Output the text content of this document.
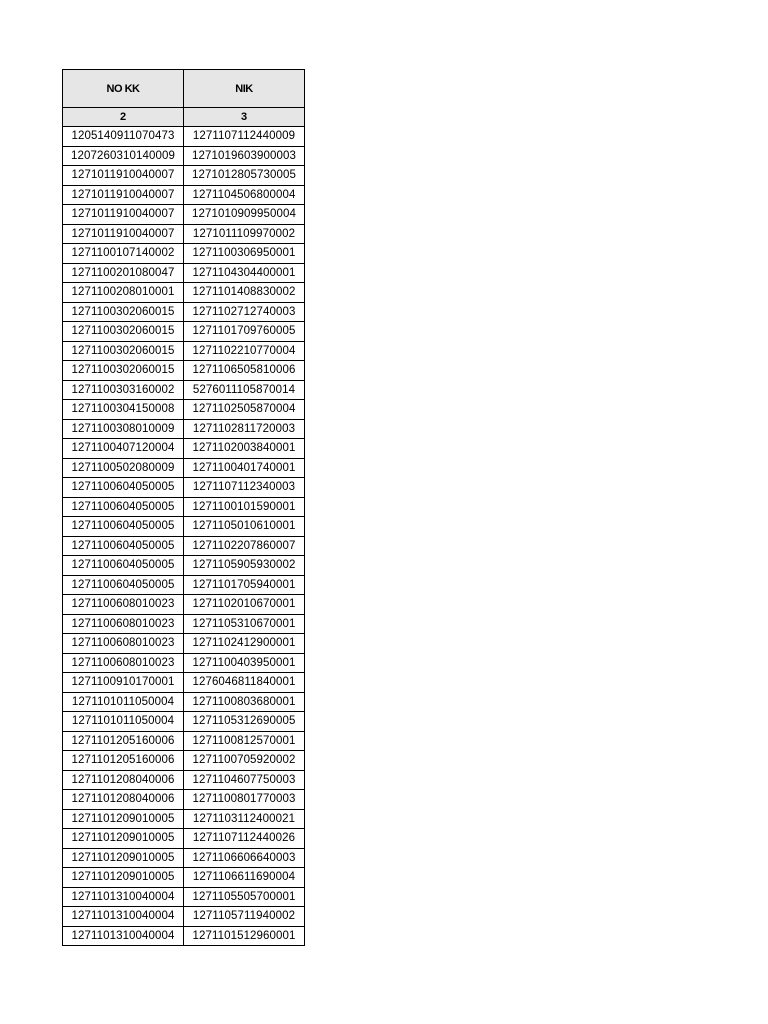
NO KK	NIK
2	3
1205140911070473	1271107112440009
1207260310140009	1271019603900003
1271011910040007	1271012805730005
1271011910040007	1271104506800004
1271011910040007	1271010909950004
1271011910040007	1271011109970002
1271100107140002	1271100306950001
1271100201080047	1271104304400001
1271100208010001	1271101408830002
1271100302060015	1271102712740003
1271100302060015	1271101709760005
1271100302060015	1271102210770004
1271100302060015	1271106505810006
1271100303160002	5276011105870014
1271100304150008	1271102505870004
1271100308010009	1271102811720003
1271100407120004	1271102003840001
1271100502080009	1271100401740001
1271100604050005	1271107112340003
1271100604050005	1271100101590001
1271100604050005	1271105010610001
1271100604050005	1271102207860007
1271100604050005	1271105905930002
1271100604050005	1271101705940001
1271100608010023	1271102010670001
1271100608010023	1271105310670001
1271100608010023	1271102412900001
1271100608010023	1271100403950001
1271100910170001	1276046811840001
1271101011050004	1271100803680001
1271101011050004	1271105312690005
1271101205160006	1271100812570001
1271101205160006	1271100705920002
1271101208040006	1271104607750003
1271101208040006	1271100801770003
1271101209010005	1271103112400021
1271101209010005	1271107112440026
1271101209010005	1271106606640003
1271101209010005	1271106611690004
1271101310040004	1271105505700001
1271101310040004	1271105711940002
1271101310040004	1271101512960001
